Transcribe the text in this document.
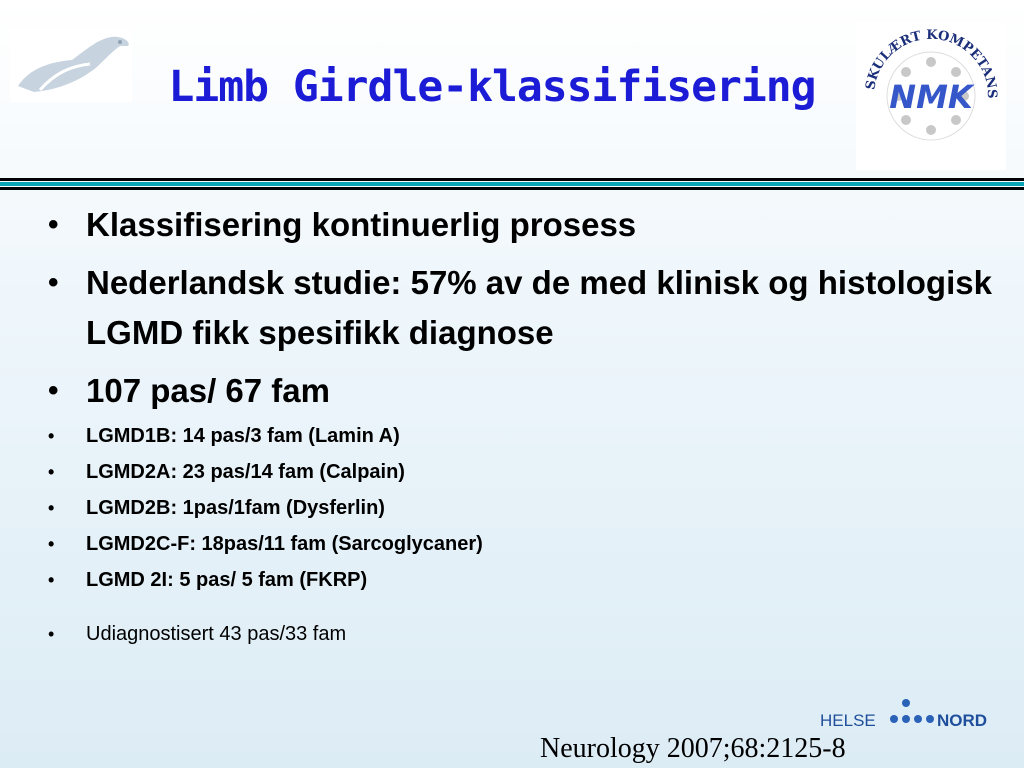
SKULÆRT KOMPETANS
NMK
Limb Girdle-klassifisering
• Klassifisering kontinuerlig prosess
• Nederlandsk studie: 57% av de med klinisk og histologisk LGMD fikk spesifikk diagnose
• 107 pas/ 67 fam
• LGMD1B: 14 pas/3 fam (Lamin A)
• LGMD2A: 23 pas/14 fam (Calpain)
• LGMD2B: 1pas/1fam (Dysferlin)
• LGMD2C-F: 18pas/11 fam (Sarcoglycaner)
• LGMD 2I: 5 pas/ 5 fam (FKRP)
• Udiagnostisert 43 pas/33 fam
HELSE	NORD
Neurology 2007;68:2125-8
